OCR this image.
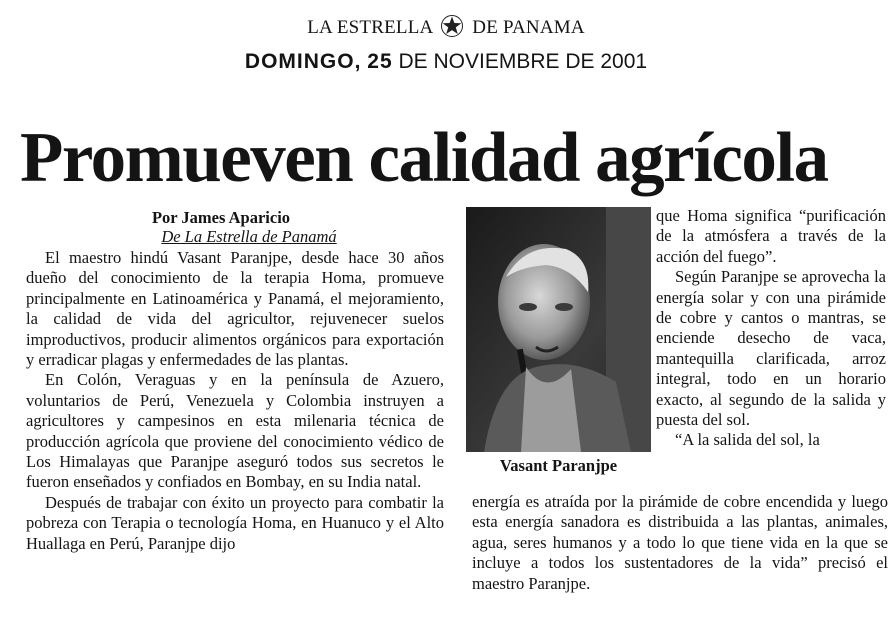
LA ESTRELLA DE PANAMA
DOMINGO, 25 DE NOVIEMBRE DE 2001
Promueven calidad agrícola
Por James Aparicio
De La Estrella de Panamá

El maestro hindú Vasant Paranjpe, desde hace 30 años dueño del conocimiento de la terapia Homa, promueve principalmente en Latinoamérica y Panamá, el mejoramiento, la calidad de vida del agricultor, rejuvenecer suelos improductivos, producir alimentos orgánicos para exportación y erradicar plagas y enfermedades de las plantas.

En Colón, Veraguas y en la península de Azuero, voluntarios de Perú, Venezuela y Colombia instruyen a agricultores y campesinos en esta milenaria técnica de producción agrícola que proviene del conocimiento védico de Los Himalayas que Paranjpe aseguró todos sus secretos le fueron enseñados y confiados en Bombay, en su India natal.

Después de trabajar con éxito un proyecto para combatir la pobreza con Terapia o tecnología Homa, en Huanuco y el Alto Huallaga en Perú, Paranjpe dijo

Vasant Paranjpe

que Homa significa “purificación de la atmósfera a través de la acción del fuego”.

Según Paranjpe se aprovecha la energía solar y con una pirámide de cobre y cantos o mantras, se enciende desecho de vaca, mantequilla clarificada, arroz integral, todo en un horario exacto, al segundo de la salida y puesta del sol.

“A la salida del sol, la

energía es atraída por la pirámide de cobre encendida y luego esta energía sanadora es distribuida a las plantas, animales, agua, seres humanos y a todo lo que tiene vida en la que se incluye a todos los sustentadores de la vida” precisó el maestro Paranjpe.
